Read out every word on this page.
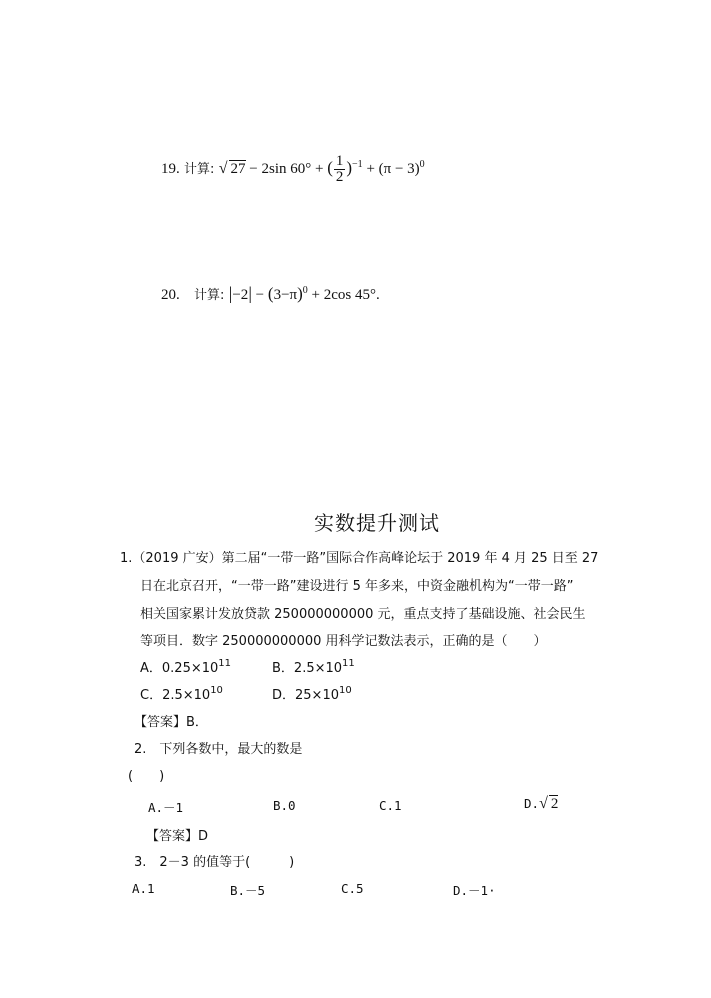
19. 计算: √ 27 − 2sin 60° + ( $\frac{1}{2} )^{-1} + (\pi - 3)^0$
20. 计算: $|-2| - (3-\pi)^0 + 2\cos$ 45°.
实数提升测试
1.（2019 广安）第二届“一带一路”国际合作高峰论坛于 2019 年 4 月 25 日至 27
日在北京召开，“一带一路”建设进行 5 年多来，中资金融机构为“一带一路”
相关国家累计发放贷款 250000000000 元，重点支持了基础设施、社会民生
等项目．数字 250000000000 用科学记数法表示，正确的是（　　）
A．$0.25\times 10^{11}$	B．$2.5\times 10^{11}$
C．$2.5\times 10^{10}$	D．$25\times 10^{10}$
【答案】B．
2.　下列各数中，最大的数是
(　　)
A.－1	B.0	C.1	D.√ 2
【答案】D
3.　2－3 的值等于(　　　)
A.1	B.－5	C.5	D.－1·
